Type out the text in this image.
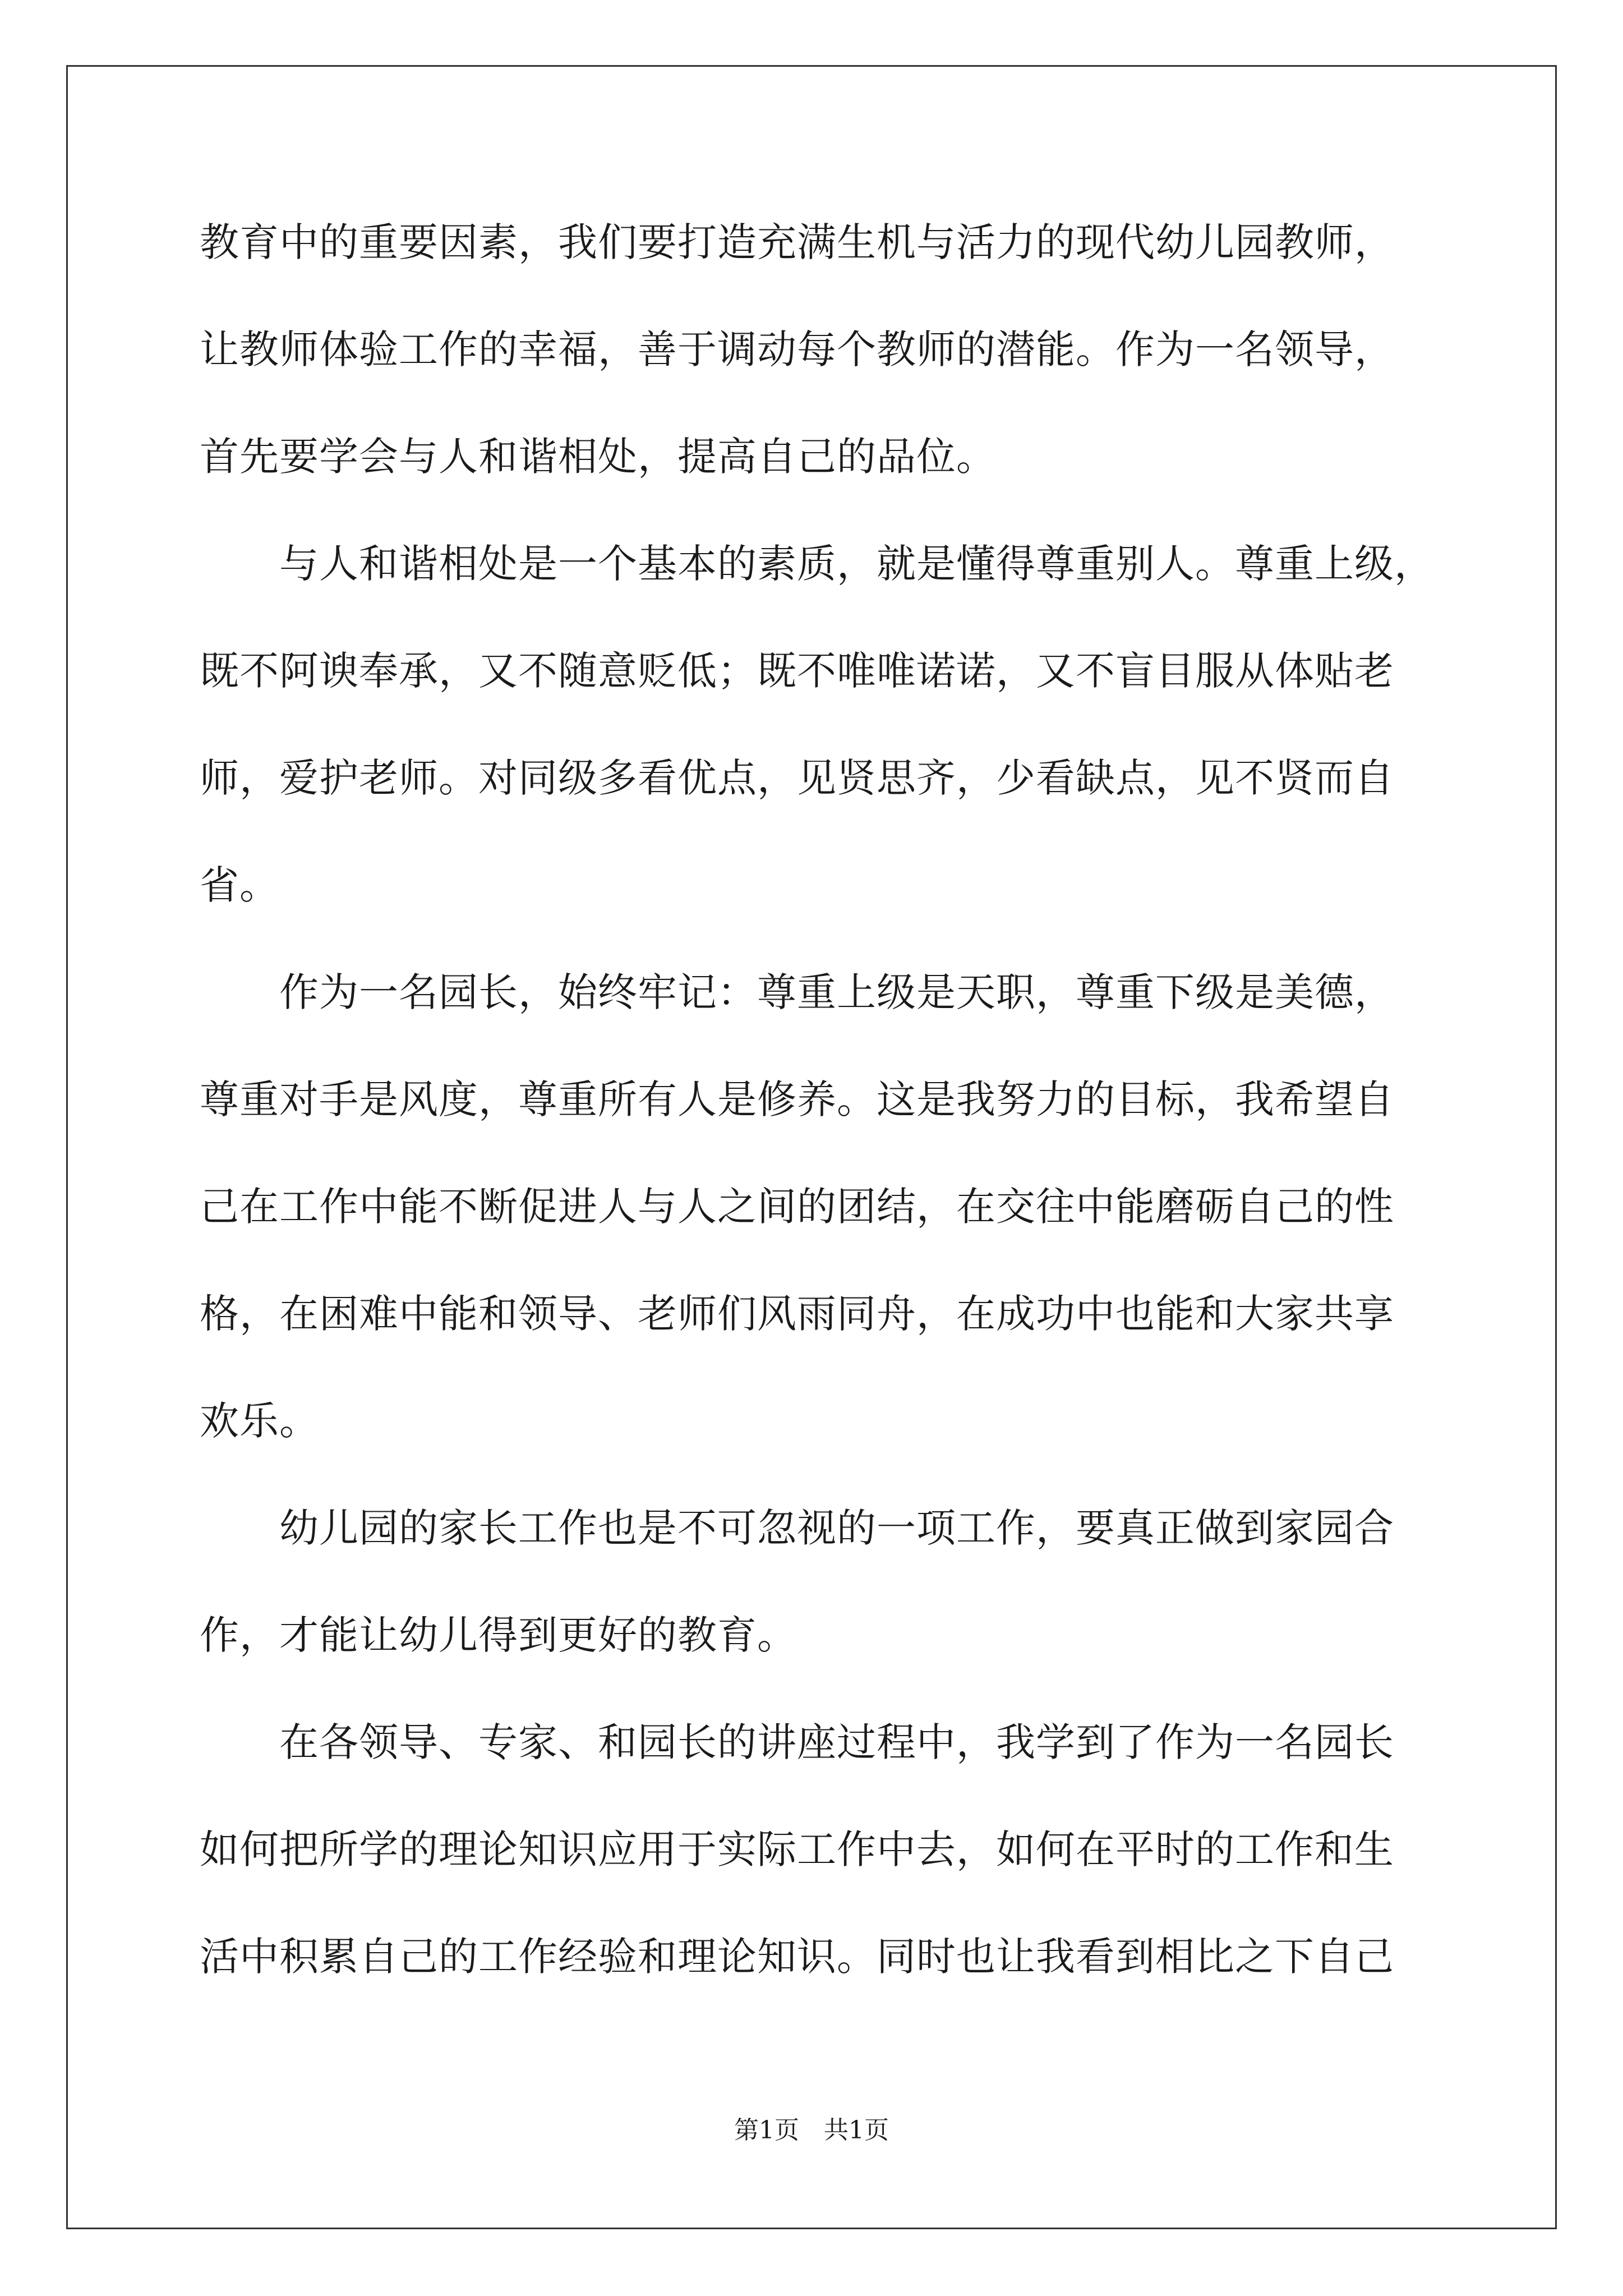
教育中的重要因素，我们要打造充满生机与活力的现代幼儿园教师，
让教师体验工作的幸福，善于调动每个教师的潜能。作为一名领导，
首先要学会与人和谐相处，提高自己的品位。
　　与人和谐相处是一个基本的素质，就是懂得尊重别人。尊重上级，
既不阿谀奉承，又不随意贬低；既不唯唯诺诺，又不盲目服从体贴老
师，爱护老师。对同级多看优点，见贤思齐，少看缺点，见不贤而自
省。
　　作为一名园长，始终牢记：尊重上级是天职，尊重下级是美德，
尊重对手是风度，尊重所有人是修养。这是我努力的目标，我希望自
己在工作中能不断促进人与人之间的团结，在交往中能磨砺自己的性
格，在困难中能和领导、老师们风雨同舟，在成功中也能和大家共享
欢乐。
　　幼儿园的家长工作也是不可忽视的一项工作，要真正做到家园合
作，才能让幼儿得到更好的教育。
　　在各领导、专家、和园长的讲座过程中，我学到了作为一名园长
如何把所学的理论知识应用于实际工作中去，如何在平时的工作和生
活中积累自己的工作经验和理论知识。同时也让我看到相比之下自己
第1页　共1页
